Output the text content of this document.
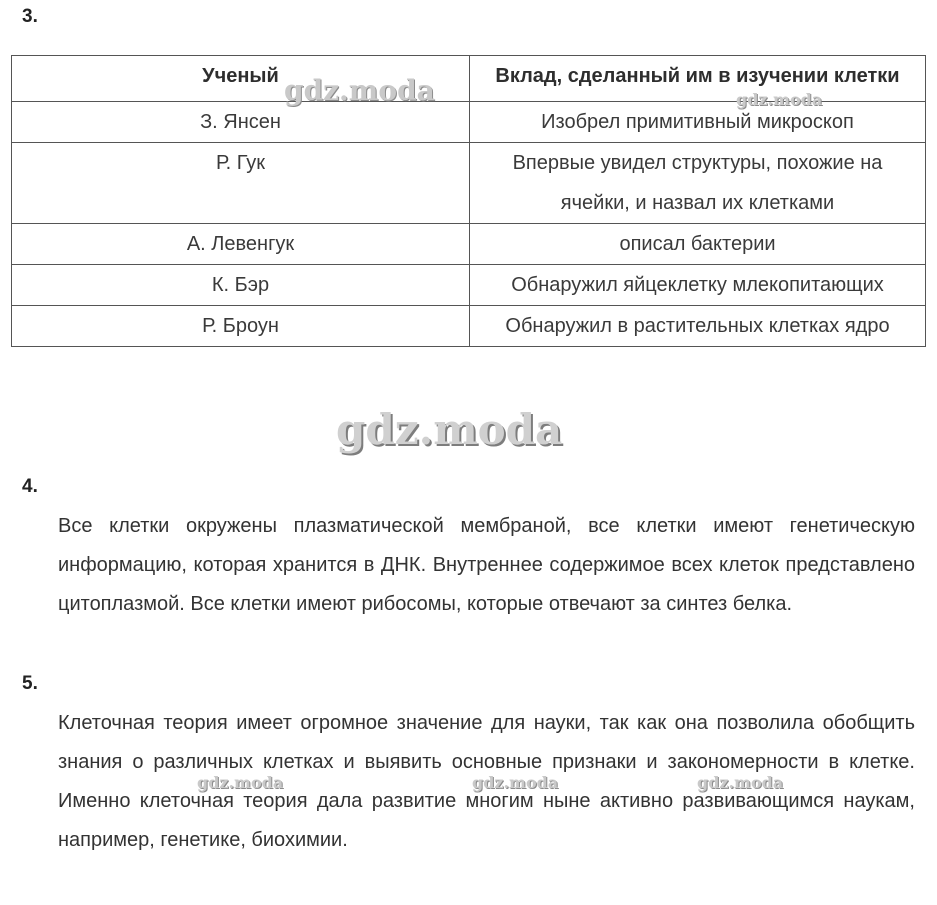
3.
Ученый	Вклад, сделанный им в изучении клетки
З. Янсен	Изобрел примитивный микроскоп
Р. Гук	Впервые увидел структуры, похожие на ячейки, и назвал их клетками
А. Левенгук	описал бактерии
К. Бэр	Обнаружил яйцеклетку млекопитающих
Р. Броун	Обнаружил в растительных клетках ядро
4.
Все клетки окружены плазматической мембраной, все клетки имеют генетическую информацию, которая хранится в ДНК. Внутреннее содержимое всех клеток представлено цитоплазмой. Все клетки имеют рибосомы, которые отвечают за синтез белка.
5.
Клеточная теория имеет огромное значение для науки, так как она позволила обобщить знания о различных клетках и выявить основные признаки и закономерности в клетке. Именно клеточная теория дала развитие многим ныне активно развивающимся наукам, например, генетике, биохимии.
gdz.moda	gdz.moda
gdz.moda
gdz.moda	gdz.moda	gdz.moda
